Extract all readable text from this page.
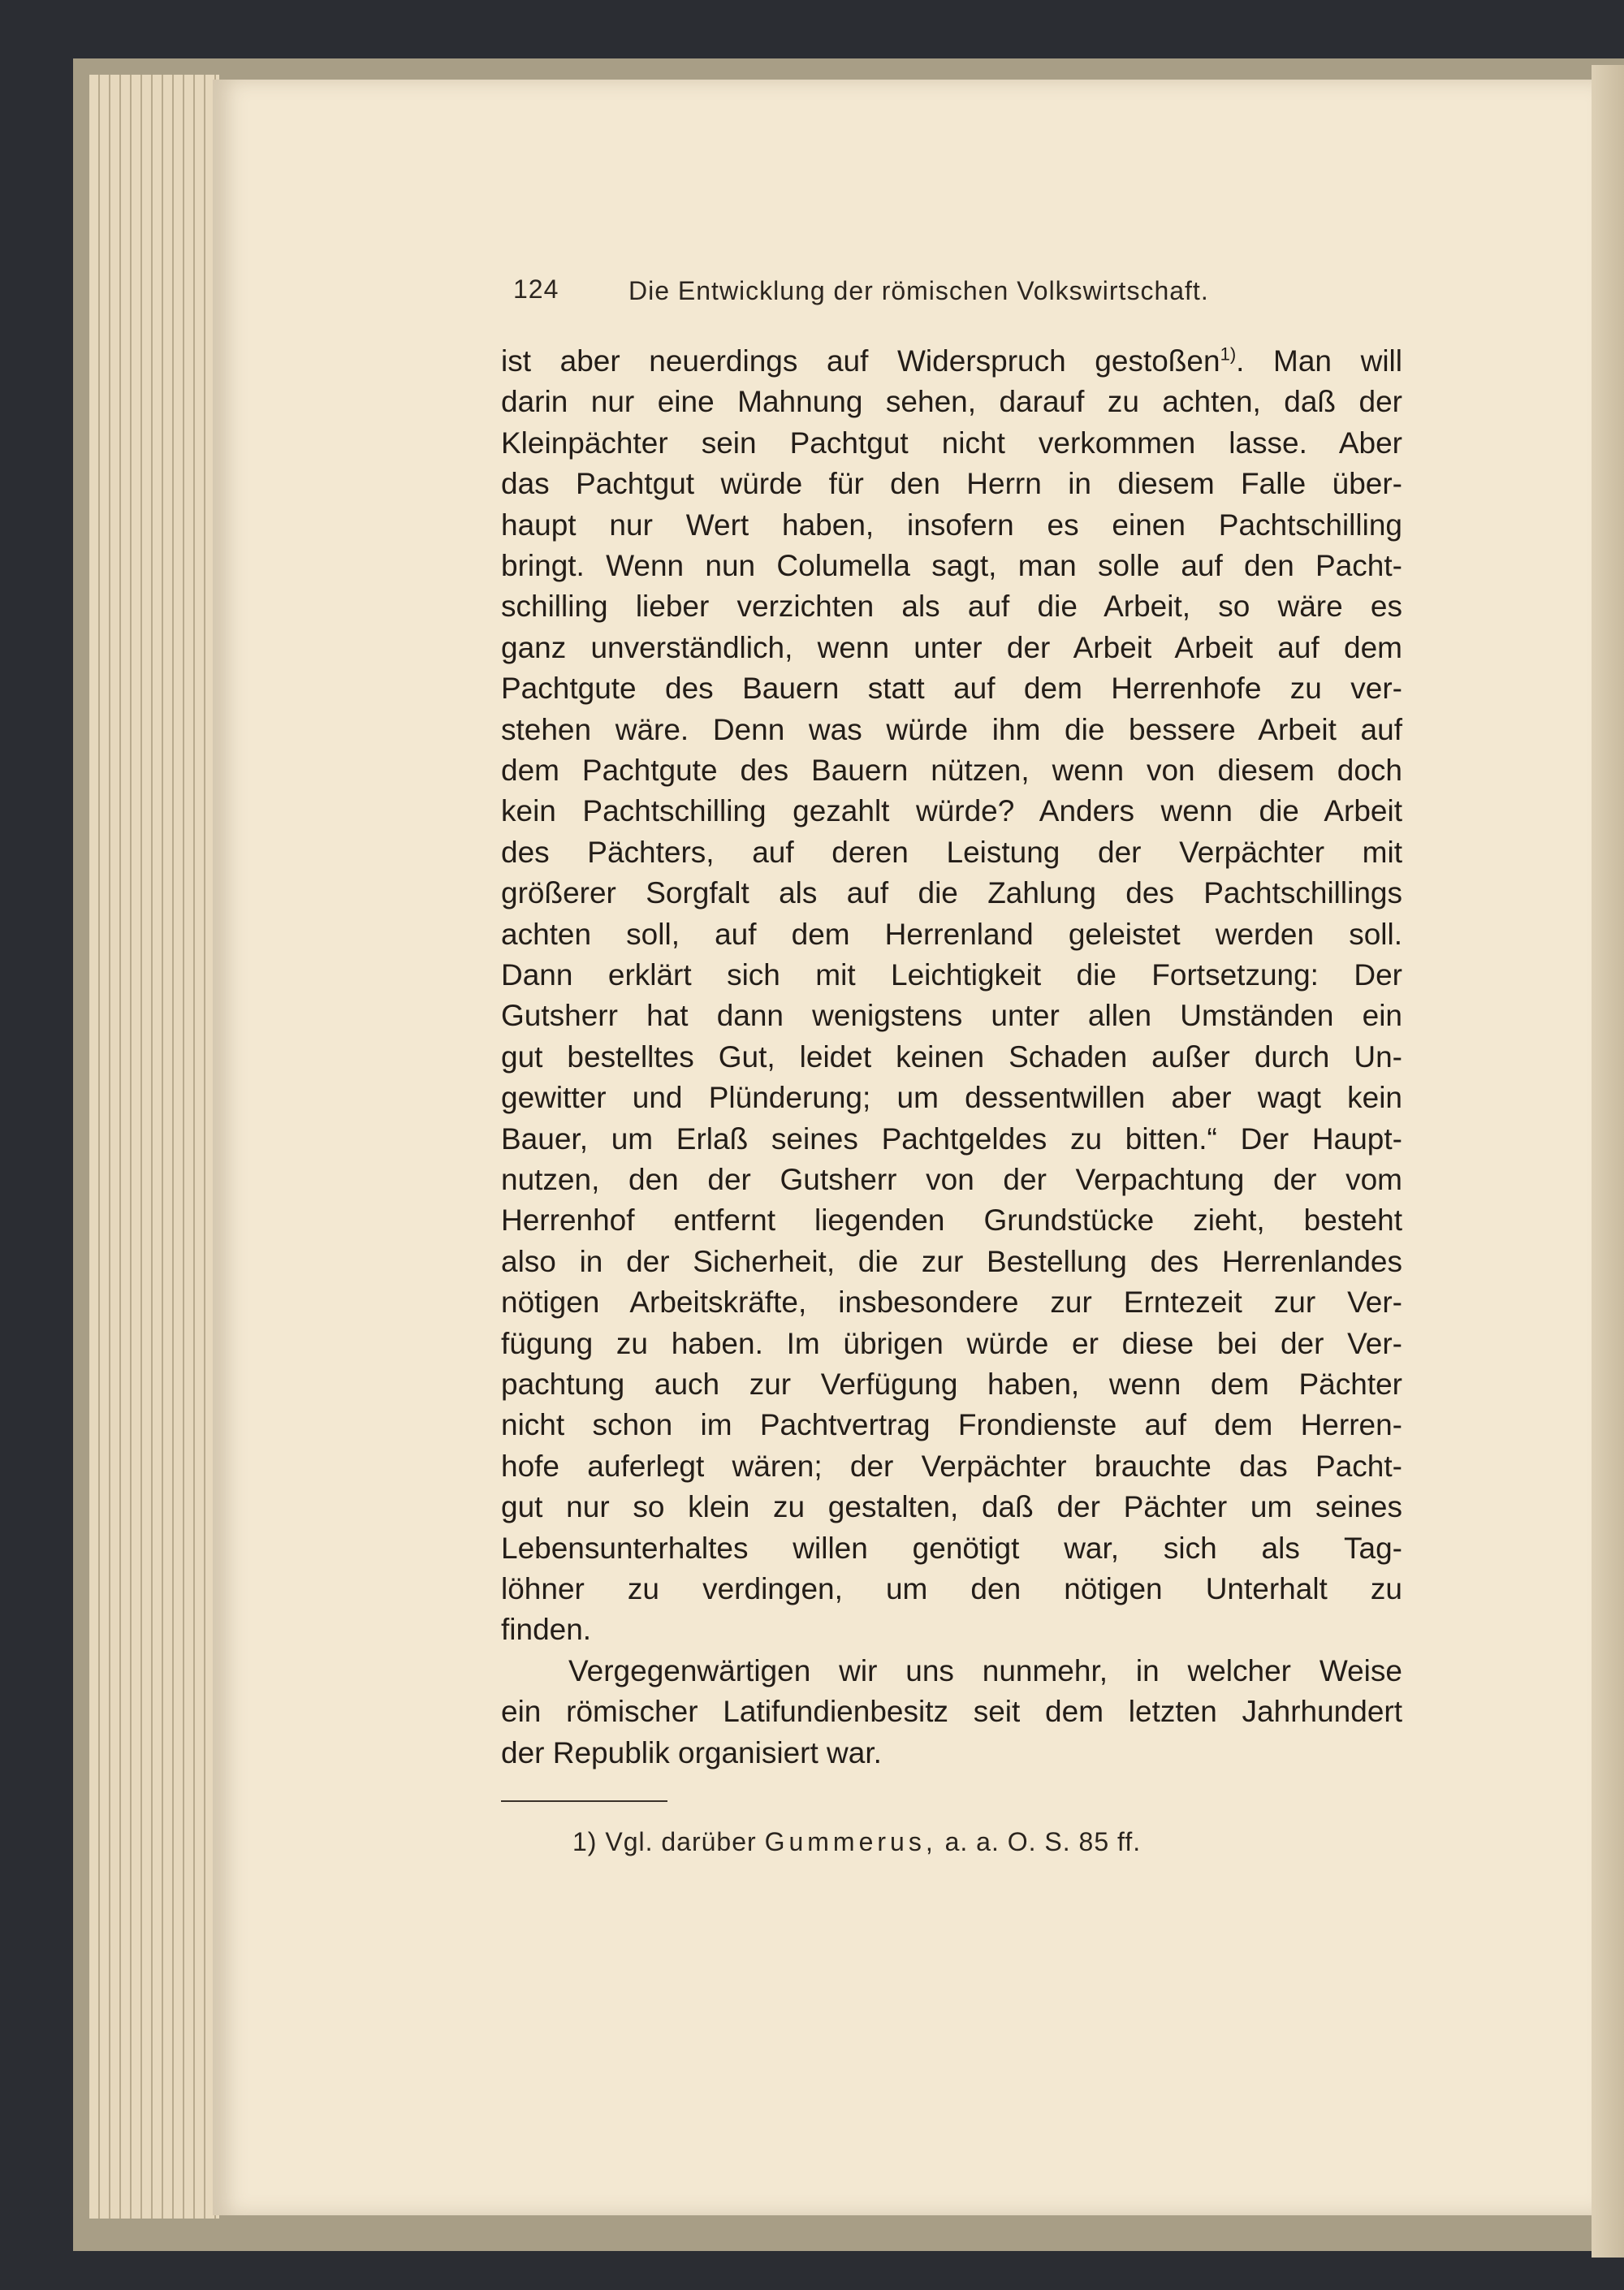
124	Die Entwicklung der römischen Volkswirtschaft.
ist aber neuerdings auf Widerspruch gestoßen$^{1)}$. Man will
darin nur eine Mahnung sehen, darauf zu achten, daß der
Kleinpächter sein Pachtgut nicht verkommen lasse. Aber
das Pachtgut würde für den Herrn in diesem Falle über-
haupt nur Wert haben, insofern es einen Pachtschilling
bringt. Wenn nun Columella sagt, man solle auf den Pacht-
schilling lieber verzichten als auf die Arbeit, so wäre es
ganz unverständlich, wenn unter der Arbeit Arbeit auf dem
Pachtgute des Bauern statt auf dem Herrenhofe zu ver-
stehen wäre. Denn was würde ihm die bessere Arbeit auf
dem Pachtgute des Bauern nützen, wenn von diesem doch
kein Pachtschilling gezahlt würde? Anders wenn die Arbeit
des Pächters, auf deren Leistung der Verpächter mit
größerer Sorgfalt als auf die Zahlung des Pachtschillings
achten soll, auf dem Herrenland geleistet werden soll.
Dann erklärt sich mit Leichtigkeit die Fortsetzung: Der
Gutsherr hat dann wenigstens unter allen Umständen ein
gut bestelltes Gut, leidet keinen Schaden außer durch Un-
gewitter und Plünderung; um dessentwillen aber wagt kein
Bauer, um Erlaß seines Pachtgeldes zu bitten.“ Der Haupt-
nutzen, den der Gutsherr von der Verpachtung der vom
Herrenhof entfernt liegenden Grundstücke zieht, besteht
also in der Sicherheit, die zur Bestellung des Herrenlandes
nötigen Arbeitskräfte, insbesondere zur Erntezeit zur Ver-
fügung zu haben. Im übrigen würde er diese bei der Ver-
pachtung auch zur Verfügung haben, wenn dem Pächter
nicht schon im Pachtvertrag Frondienste auf dem Herren-
hofe auferlegt wären; der Verpächter brauchte das Pacht-
gut nur so klein zu gestalten, daß der Pächter um seines
Lebensunterhaltes willen genötigt war, sich als Tag-
löhner zu verdingen, um den nötigen Unterhalt zu
finden.
Vergegenwärtigen wir uns nunmehr, in welcher Weise
ein römischer Latifundienbesitz seit dem letzten Jahrhundert
der Republik organisiert war.
1) Vgl. darüber Gummerus, a. a. O. S. 85 ff.
